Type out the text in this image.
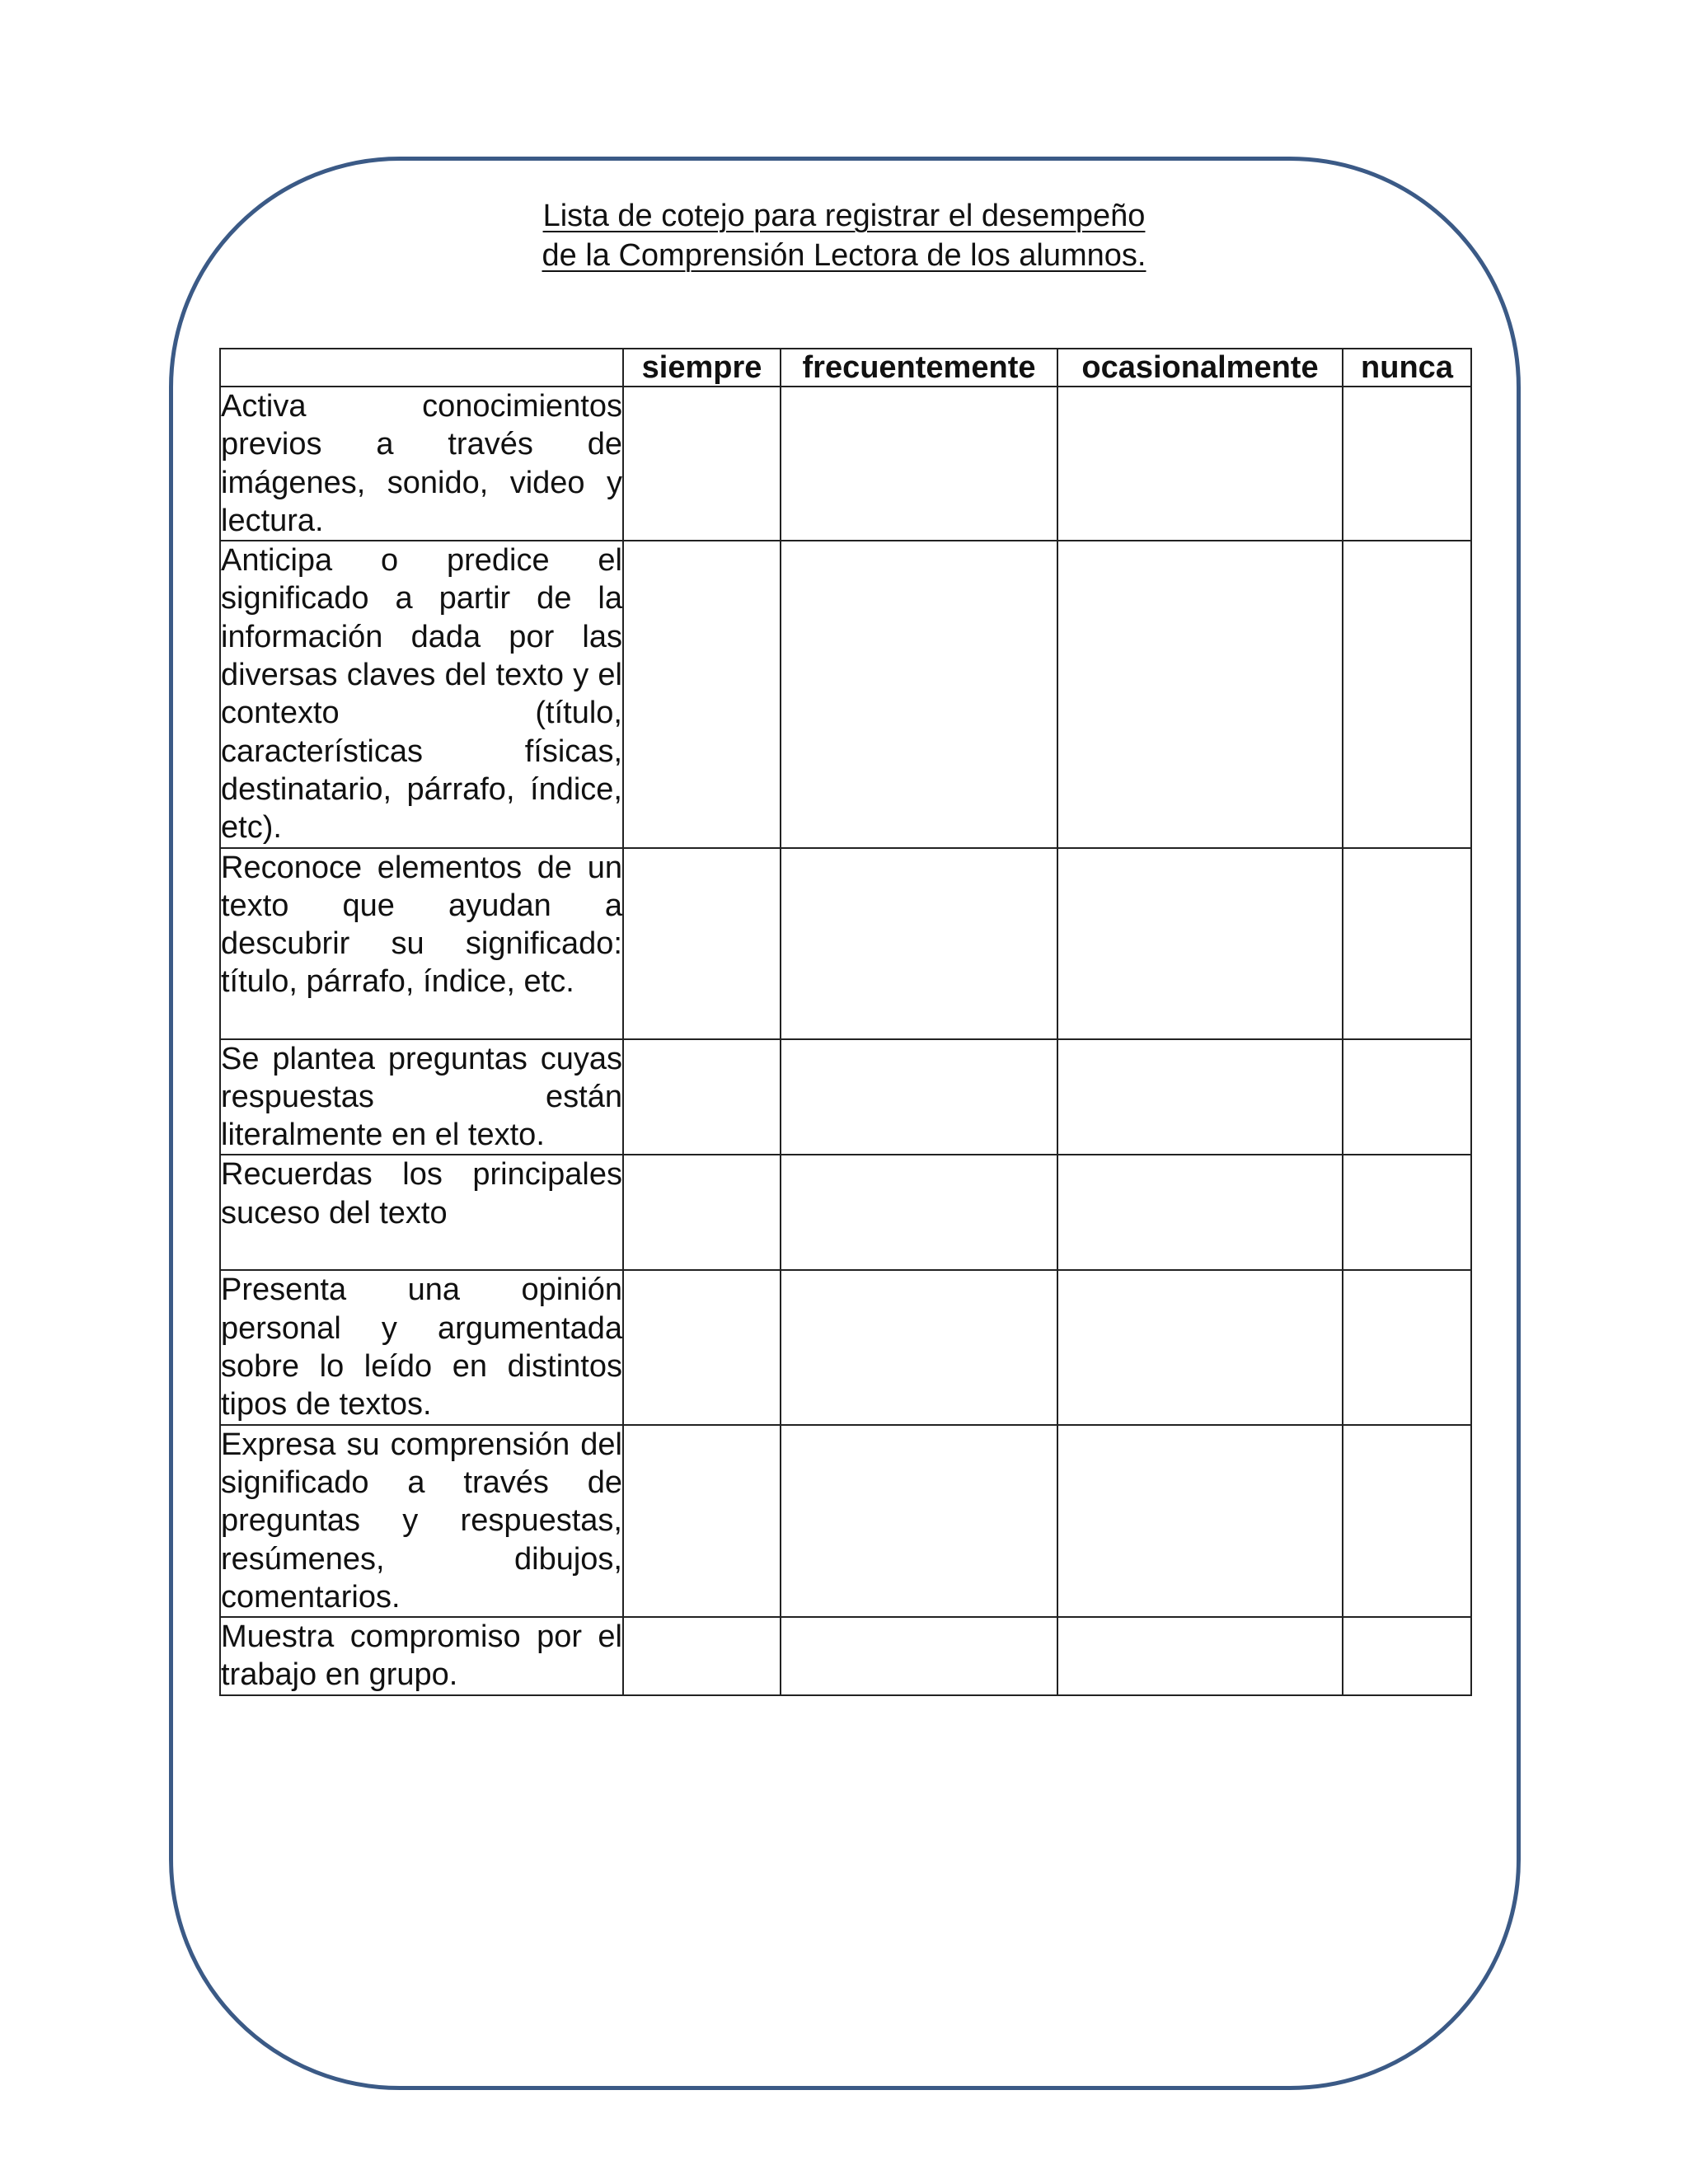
Lista de cotejo para registrar el desempeño
de la Comprensión Lectora de los alumnos.
	siempre	frecuentemente	ocasionalmente	nunca
Activa conocimientos previos a través de imágenes, sonido, video y lectura.				
Anticipa o predice el significado a partir de la información dada por las diversas claves del texto y el contexto (título, características físicas, destinatario, párrafo, índice, etc).				
Reconoce elementos de un texto que ayudan a descubrir su significado: título, párrafo, índice, etc.				
Se plantea preguntas cuyas respuestas están literalmente en el texto.				
Recuerdas los principales suceso del texto				
Presenta una opinión personal y argumentada sobre lo leído en distintos tipos de textos.				
Expresa su comprensión del significado a través de preguntas y respuestas, resúmenes, dibujos, comentarios.				
Muestra compromiso por el trabajo en grupo.				
